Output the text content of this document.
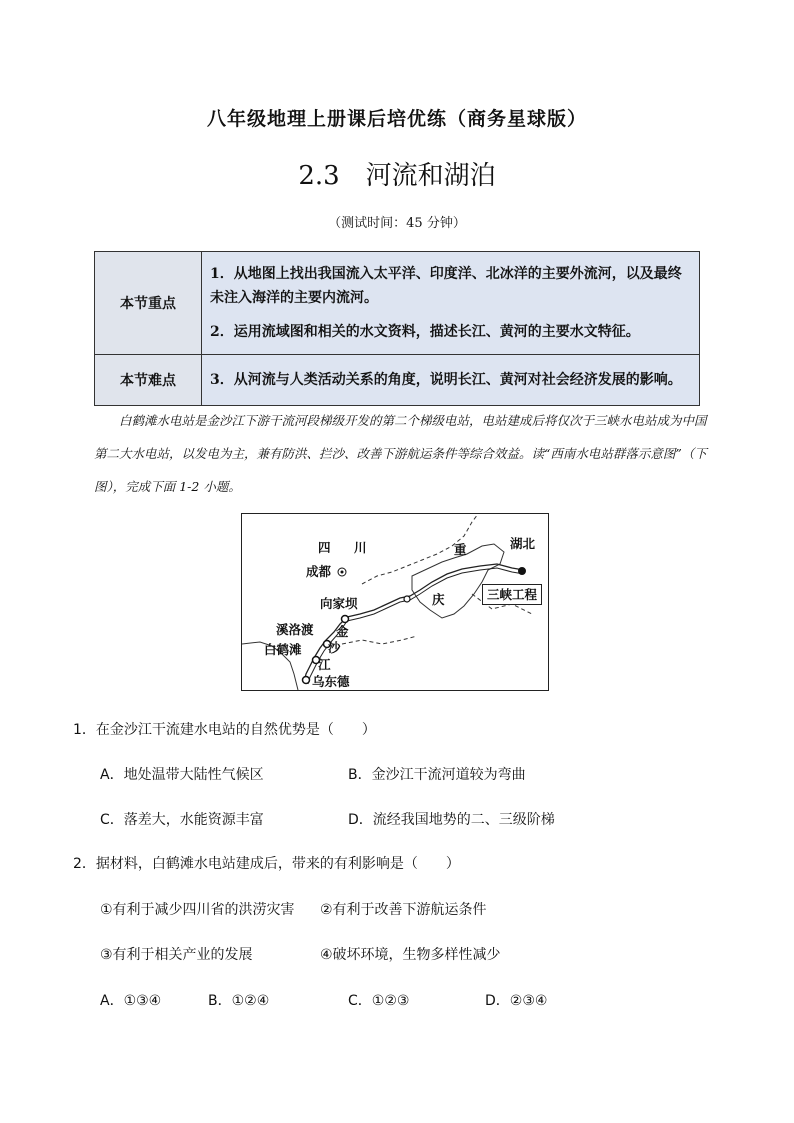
八年级地理上册课后培优练（商务星球版）
2.3 河流和湖泊
（测试时间：45 分钟）
本节重点	1．从地图上找出我国流入太平洋、印度洋、北冰洋的主要外流河，以及最终未注入海洋的主要内流河。

2．运用流域图和相关的水文资料，描述长江、黄河的主要水文特征。

本节难点	3．从河流与人类活动关系的角度，说明长江、黄河对社会经济发展的影响。

白鹤滩水电站是金沙江下游干流河段梯级开发的第二个梯级电站，电站建成后将仅次于三峡水电站成为中国第二大水电站，以发电为主，兼有防洪、拦沙、改善下游航运条件等综合效益。读“西南水电站群落示意图”（下图），完成下面 1-2 小题。

四 川
成都
重
庆
湖北
三峡工程
向家坝
溪洛渡 金
白鹤滩 沙
江
乌东德
1．在金沙江干流建水电站的自然优势是（　　）
A．地处温带大陆性气候区	B．金沙江干流河道较为弯曲
C．落差大，水能资源丰富	D．流经我国地势的二、三级阶梯
2．据材料，白鹤滩水电站建成后，带来的有利影响是（　　）
①有利于减少四川省的洪涝灾害 ②有利于改善下游航运条件
③有利于相关产业的发展	④破坏环境，生物多样性减少
A．①③④	B．①②④	C．①②③	D．②③④
